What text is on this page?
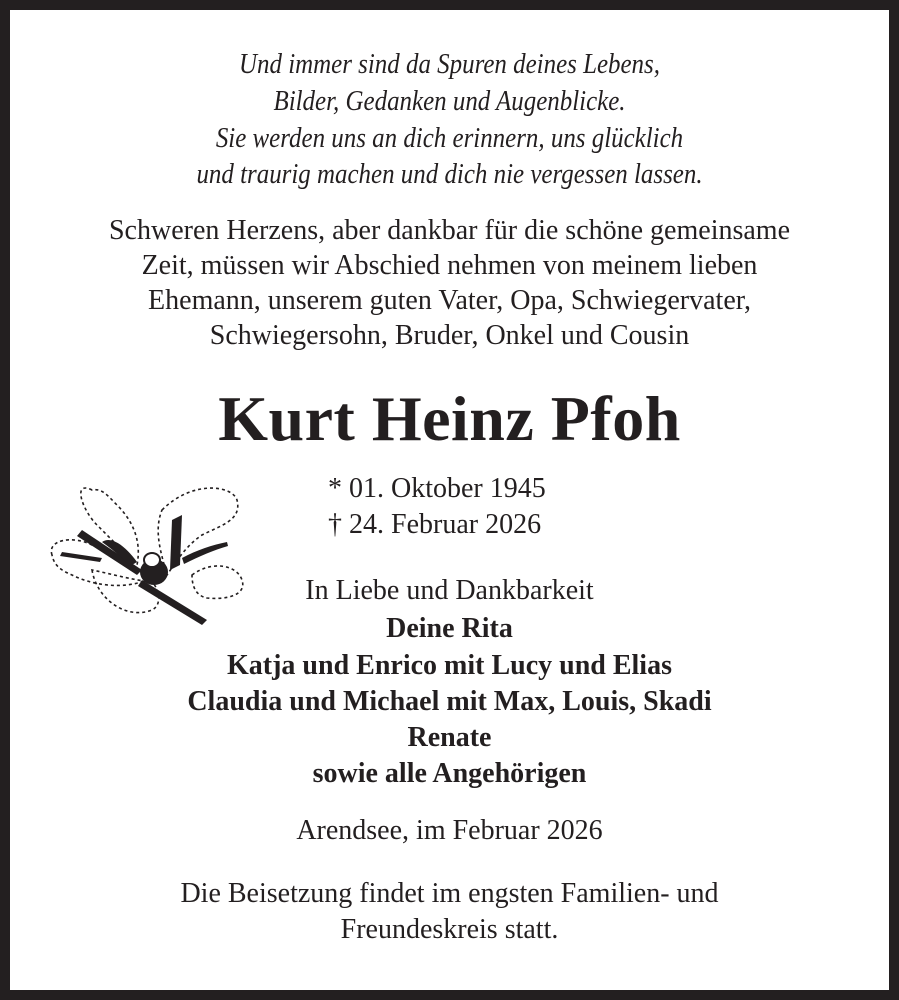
Und immer sind da Spuren deines Lebens,
Bilder, Gedanken und Augenblicke.
Sie werden uns an dich erinnern, uns glücklich
und traurig machen und dich nie vergessen lassen.
Schweren Herzens, aber dankbar für die schöne gemeinsame
Zeit, müssen wir Abschied nehmen von meinem lieben
Ehemann, unserem guten Vater, Opa, Schwiegervater,
Schwiegersohn, Bruder, Onkel und Cousin
Kurt Heinz Pfoh
* 01. Oktober 1945
† 24. Februar 2026
In Liebe und Dankbarkeit
Deine Rita
Katja und Enrico mit Lucy und Elias
Claudia und Michael mit Max, Louis, Skadi
Renate
sowie alle Angehörigen
Arendsee, im Februar 2026
Die Beisetzung findet im engsten Familien- und
Freundeskreis statt.
